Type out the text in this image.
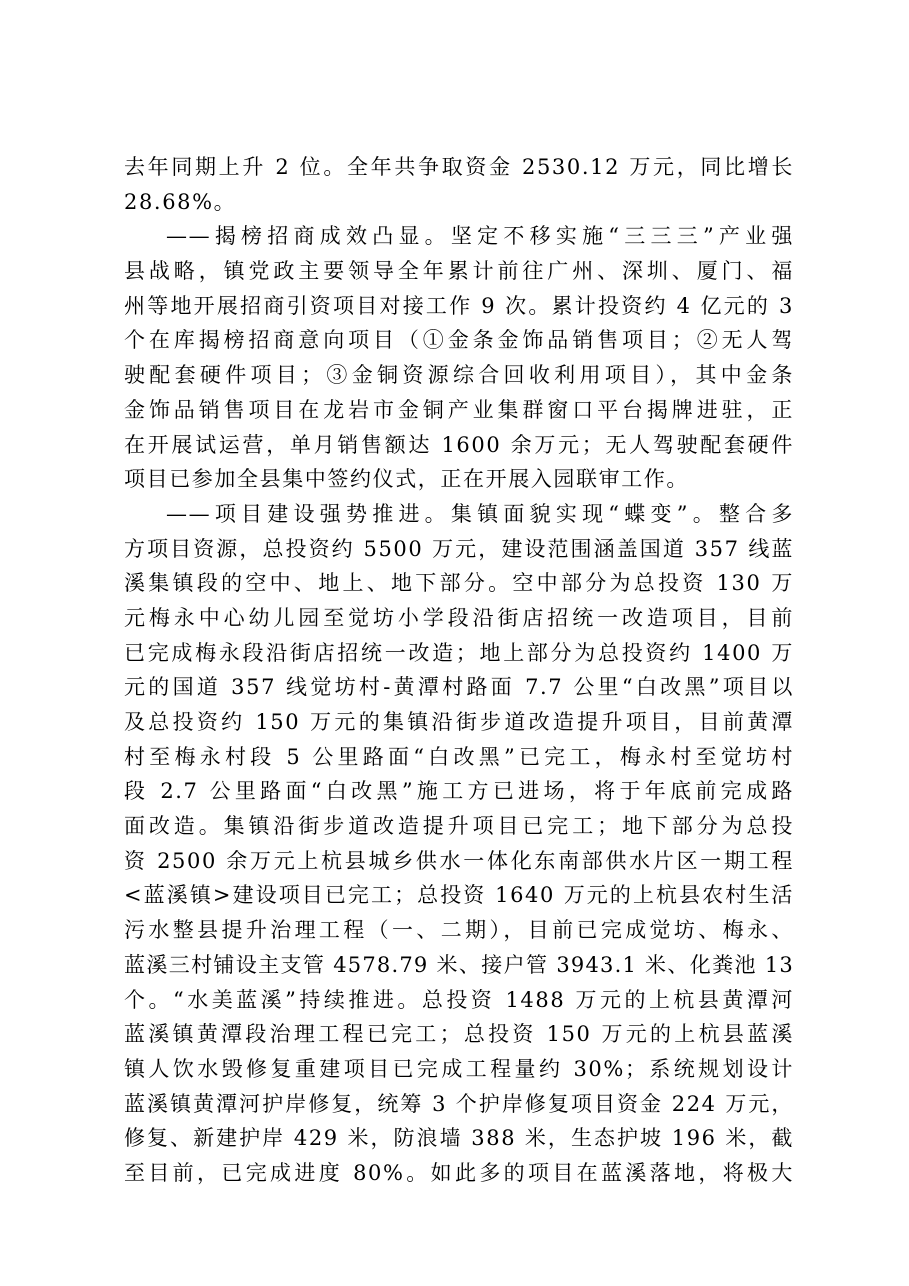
去年同期上升 2 位。全年共争取资金 2530.12 万元，同比增长
28.68%。
——揭榜招商成效凸显。坚定不移实施“三三三”产业强
县战略，镇党政主要领导全年累计前往广州、深圳、厦门、福
州等地开展招商引资项目对接工作 9 次。累计投资约 4 亿元的 3
个在库揭榜招商意向项目（①金条金饰品销售项目；②无人驾
驶配套硬件项目；③金铜资源综合回收利用项目），其中金条
金饰品销售项目在龙岩市金铜产业集群窗口平台揭牌进驻，正
在开展试运营，单月销售额达 1600 余万元；无人驾驶配套硬件
项目已参加全县集中签约仪式，正在开展入园联审工作。
——项目建设强势推进。集镇面貌实现“蝶变”。整合多
方项目资源，总投资约 5500 万元，建设范围涵盖国道 357 线蓝
溪集镇段的空中、地上、地下部分。空中部分为总投资 130 万
元梅永中心幼儿园至觉坊小学段沿街店招统一改造项目，目前
已完成梅永段沿街店招统一改造；地上部分为总投资约 1400 万
元的国道 357 线觉坊村-黄潭村路面 7.7 公里“白改黑”项目以
及总投资约 150 万元的集镇沿街步道改造提升项目，目前黄潭
村至梅永村段 5 公里路面“白改黑”已完工，梅永村至觉坊村
段 2.7 公里路面“白改黑”施工方已进场，将于年底前完成路
面改造。集镇沿街步道改造提升项目已完工；地下部分为总投
资 2500 余万元上杭县城乡供水一体化东南部供水片区一期工程
<蓝溪镇>建设项目已完工；总投资 1640 万元的上杭县农村生活
污水整县提升治理工程（一、二期），目前已完成觉坊、梅永、
蓝溪三村铺设主支管 4578.79 米、接户管 3943.1 米、化粪池 13
个。“水美蓝溪”持续推进。总投资 1488 万元的上杭县黄潭河
蓝溪镇黄潭段治理工程已完工；总投资 150 万元的上杭县蓝溪
镇人饮水毁修复重建项目已完成工程量约 30%；系统规划设计
蓝溪镇黄潭河护岸修复，统筹 3 个护岸修复项目资金 224 万元，
修复、新建护岸 429 米，防浪墙 388 米，生态护坡 196 米，截
至目前，已完成进度 80%。如此多的项目在蓝溪落地，将极大
